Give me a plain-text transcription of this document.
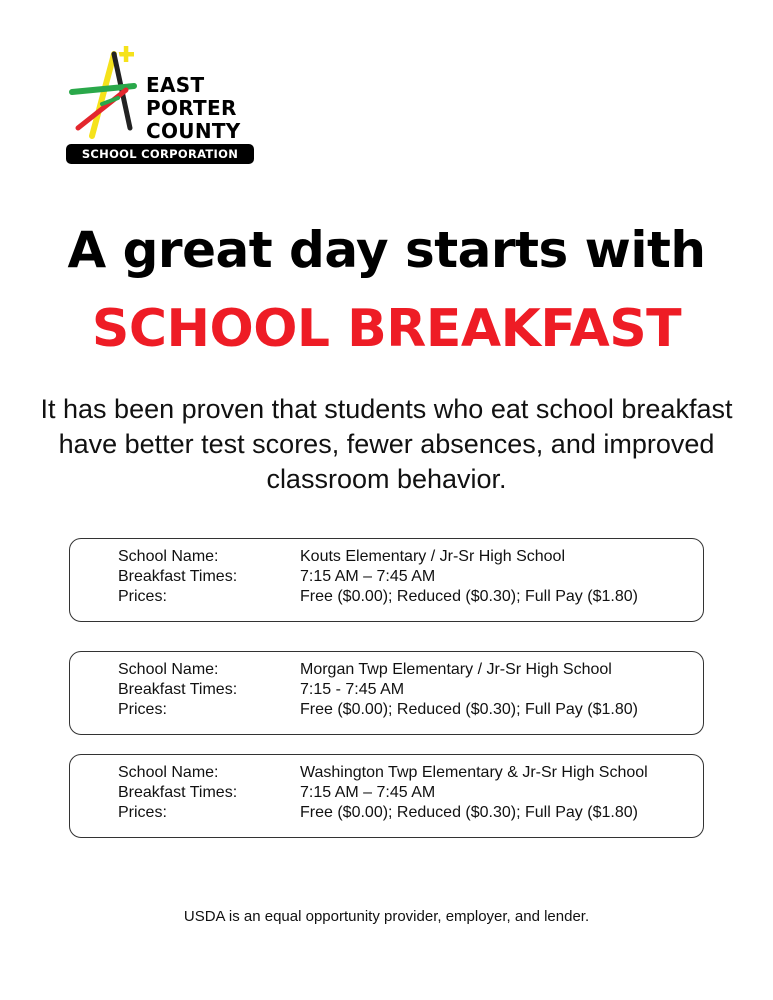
EAST
PORTER
COUNTY
SCHOOL CORPORATION
A great day starts with
SCHOOL BREAKFAST
It has been proven that students who eat school breakfast have better test scores, fewer absences, and improved classroom behavior.
School Name:	Kouts Elementary / Jr-Sr High School
Breakfast Times:	7:15 AM – 7:45 AM
Prices:	Free ($0.00); Reduced ($0.30); Full Pay ($1.80)
School Name:	Morgan Twp Elementary / Jr-Sr High School
Breakfast Times:	7:15 - 7:45 AM
Prices:	Free ($0.00); Reduced ($0.30); Full Pay ($1.80)
School Name:	Washington Twp Elementary & Jr-Sr High School
Breakfast Times:	7:15 AM – 7:45 AM
Prices:	Free ($0.00); Reduced ($0.30); Full Pay ($1.80)
USDA is an equal opportunity provider, employer, and lender.
